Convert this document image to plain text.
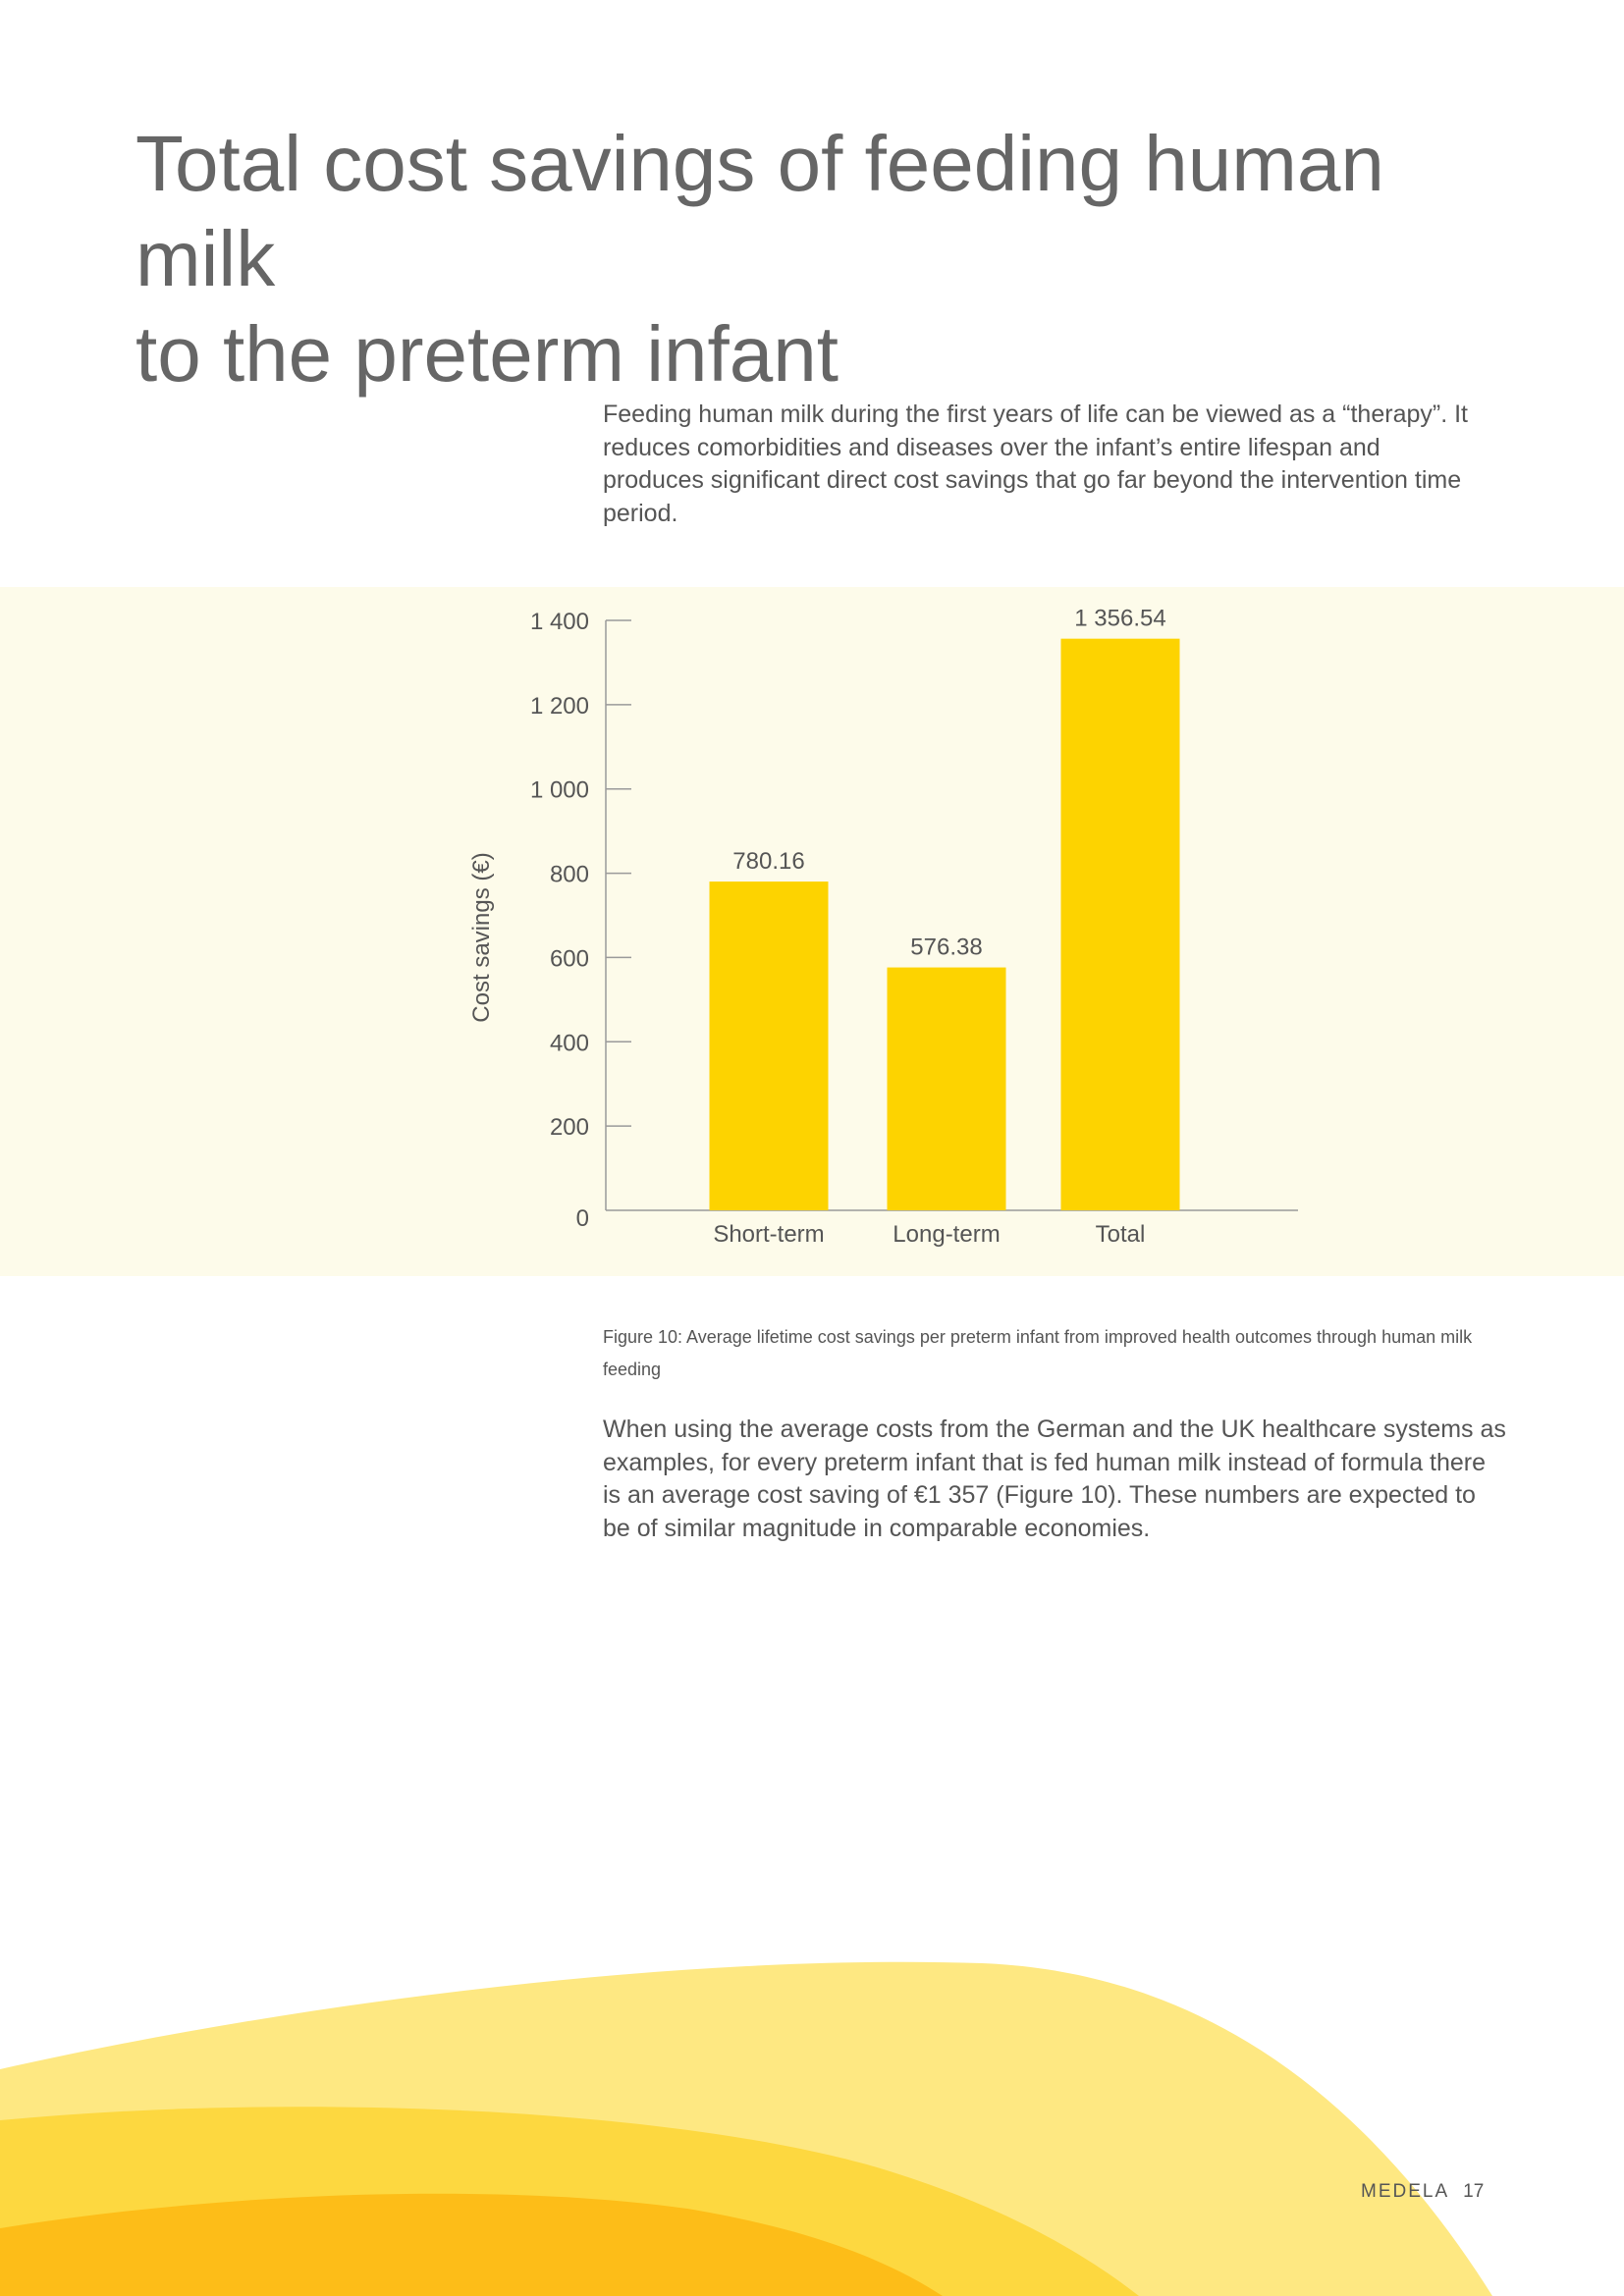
Total cost savings of feeding human milk
to the preterm infant

Feeding human milk during the first years of life can be viewed as a “therapy”. It reduces comorbidities and diseases over the infant’s entire lifespan and produces significant direct cost savings that go far beyond the intervention time period.

0
200
400
600
800
1 000
1 200
1 400
Cost savings (€)	780.16
Short-term
576.38
Long-term
1 356.54
Total

Figure 10: Average lifetime cost savings per preterm infant from improved health outcomes through human milk feeding

When using the average costs from the German and the UK healthcare systems as examples, for every preterm infant that is fed human milk instead of formula there is an average cost saving of €1 357 (Figure 10). These numbers are expected to be of similar magnitude in comparable economies.

MEDELA 17
